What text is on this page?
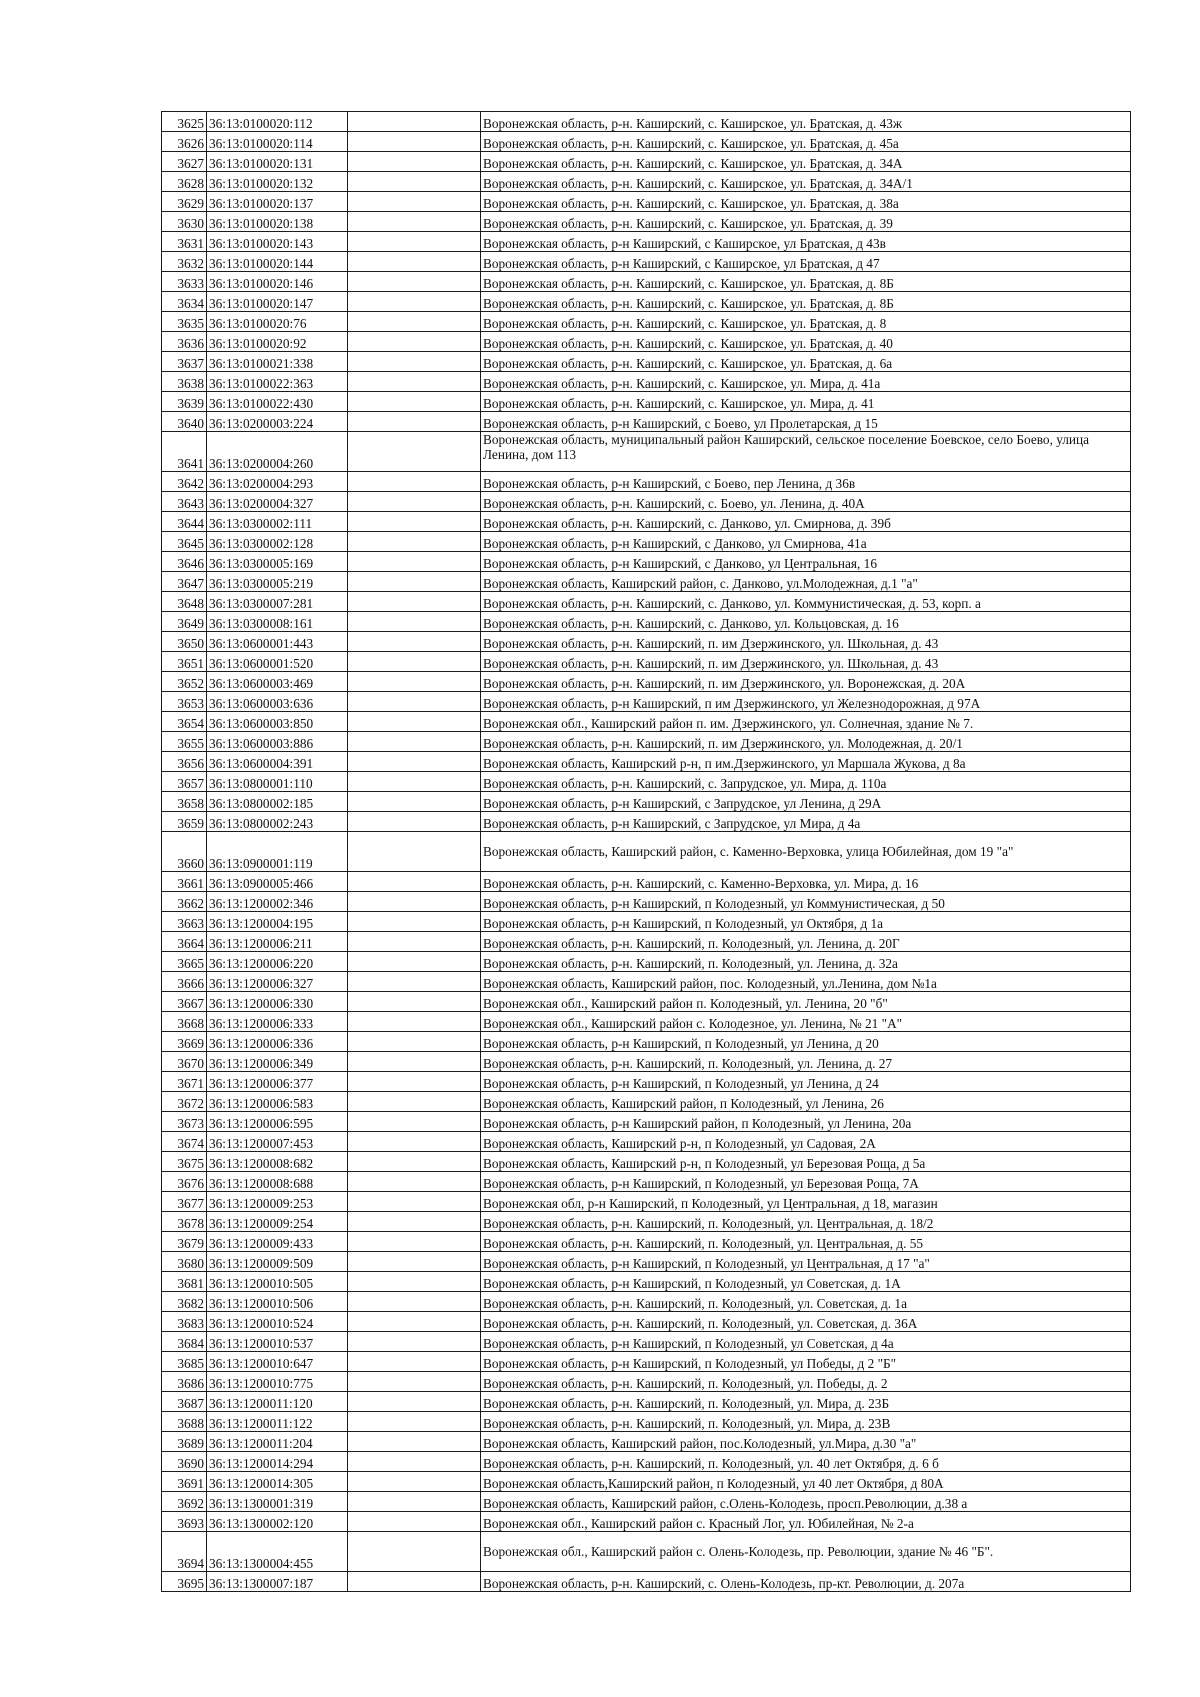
3625	36:13:0100020:112		Воронежская область, р-н. Каширский, с. Каширское, ул. Братская, д. 43ж
3626	36:13:0100020:114		Воронежская область, р-н. Каширский, с. Каширское, ул. Братская, д. 45а
3627	36:13:0100020:131		Воронежская область, р-н. Каширский, с. Каширское, ул. Братская, д. 34А
3628	36:13:0100020:132		Воронежская область, р-н. Каширский, с. Каширское, ул. Братская, д. 34А/1
3629	36:13:0100020:137		Воронежская область, р-н. Каширский, с. Каширское, ул. Братская, д. 38а
3630	36:13:0100020:138		Воронежская область, р-н. Каширский, с. Каширское, ул. Братская, д. 39
3631	36:13:0100020:143		Воронежская область, р-н Каширский, с Каширское, ул Братская, д 43в
3632	36:13:0100020:144		Воронежская область, р-н Каширский, с Каширское, ул Братская, д 47
3633	36:13:0100020:146		Воронежская область, р-н. Каширский, с. Каширское, ул. Братская, д. 8Б
3634	36:13:0100020:147		Воронежская область, р-н. Каширский, с. Каширское, ул. Братская, д. 8Б
3635	36:13:0100020:76		Воронежская область, р-н. Каширский, с. Каширское, ул. Братская, д. 8
3636	36:13:0100020:92		Воронежская область, р-н. Каширский, с. Каширское, ул. Братская, д. 40
3637	36:13:0100021:338		Воронежская область, р-н. Каширский, с. Каширское, ул. Братская, д. 6а
3638	36:13:0100022:363		Воронежская область, р-н. Каширский, с. Каширское, ул. Мира, д. 41а
3639	36:13:0100022:430		Воронежская область, р-н. Каширский, с. Каширское, ул. Мира, д. 41
3640	36:13:0200003:224		Воронежская область, р-н Каширский, с Боево, ул Пролетарская, д 15
3641	36:13:0200004:260		Воронежская область, муниципальный район Каширский, сельское поселение Боевское, село Боево, улица Ленина, дом 113
3642	36:13:0200004:293		Воронежская область, р-н Каширский, с Боево, пер Ленина, д 36в
3643	36:13:0200004:327		Воронежская область, р-н. Каширский, с. Боево, ул. Ленина, д. 40А
3644	36:13:0300002:111		Воронежская область, р-н. Каширский, с. Данково, ул. Смирнова, д. 39б
3645	36:13:0300002:128		Воронежская область, р-н Каширский, с Данково, ул Смирнова, 41а
3646	36:13:0300005:169		Воронежская область, р-н Каширский, с Данково, ул Центральная, 16
3647	36:13:0300005:219		Воронежская область, Каширский район, с. Данково, ул.Молодежная, д.1 "а"
3648	36:13:0300007:281		Воронежская область, р-н. Каширский, с. Данково, ул. Коммунистическая, д. 53, корп. а
3649	36:13:0300008:161		Воронежская область, р-н. Каширский, с. Данково, ул. Кольцовская, д. 16
3650	36:13:0600001:443		Воронежская область, р-н. Каширский, п. им Дзержинского, ул. Школьная, д. 43
3651	36:13:0600001:520		Воронежская область, р-н. Каширский, п. им Дзержинского, ул. Школьная, д. 43
3652	36:13:0600003:469		Воронежская область, р-н. Каширский, п. им Дзержинского, ул. Воронежская, д. 20А
3653	36:13:0600003:636		Воронежская область, р-н Каширский, п им Дзержинского, ул Железнодорожная, д 97А
3654	36:13:0600003:850		Воронежская обл., Каширский район п. им. Дзержинского, ул. Солнечная, здание № 7.
3655	36:13:0600003:886		Воронежская область, р-н. Каширский, п. им Дзержинского, ул. Молодежная, д. 20/1
3656	36:13:0600004:391		Воронежская область, Каширский р-н, п им.Дзержинского, ул Маршала Жукова, д 8а
3657	36:13:0800001:110		Воронежская область, р-н. Каширский, с. Запрудское, ул. Мира, д. 110а
3658	36:13:0800002:185		Воронежская область, р-н Каширский, с Запрудское, ул Ленина, д 29А
3659	36:13:0800002:243		Воронежская область, р-н Каширский, с Запрудское, ул Мира, д 4а
3660	36:13:0900001:119		Воронежская область, Каширский район, с. Каменно-Верховка, улица Юбилейная, дом 19 "а"
3661	36:13:0900005:466		Воронежская область, р-н. Каширский, с. Каменно-Верховка, ул. Мира, д. 16
3662	36:13:1200002:346		Воронежская область, р-н Каширский, п Колодезный, ул Коммунистическая, д 50
3663	36:13:1200004:195		Воронежская область, р-н Каширский, п Колодезный, ул Октября, д 1а
3664	36:13:1200006:211		Воронежская область, р-н. Каширский, п. Колодезный, ул. Ленина, д. 20Г
3665	36:13:1200006:220		Воронежская область, р-н. Каширский, п. Колодезный, ул. Ленина, д. 32а
3666	36:13:1200006:327		Воронежская область, Каширский район, пос. Колодезный, ул.Ленина, дом №1а
3667	36:13:1200006:330		Воронежская обл., Каширский район п. Колодезный, ул. Ленина, 20 "б"
3668	36:13:1200006:333		Воронежская обл., Каширский район с. Колодезное, ул. Ленина, № 21 "А"
3669	36:13:1200006:336		Воронежская область, р-н Каширский, п Колодезный, ул Ленина, д 20
3670	36:13:1200006:349		Воронежская область, р-н. Каширский, п. Колодезный, ул. Ленина, д. 27
3671	36:13:1200006:377		Воронежская область, р-н Каширский, п Колодезный, ул Ленина, д 24
3672	36:13:1200006:583		Воронежская область, Каширский район, п Колодезный, ул Ленина, 26
3673	36:13:1200006:595		Воронежская область, р-н Каширский район, п Колодезный, ул Ленина, 20а
3674	36:13:1200007:453		Воронежская область, Каширский р-н, п Колодезный, ул Садовая, 2А
3675	36:13:1200008:682		Воронежская область, Каширский р-н, п Колодезный, ул Березовая Роща, д 5а
3676	36:13:1200008:688		Воронежская область, р-н Каширский, п Колодезный, ул Березовая Роща, 7А
3677	36:13:1200009:253		Воронежская обл, р-н Каширский, п Колодезный, ул Центральная, д 18, магазин
3678	36:13:1200009:254		Воронежская область, р-н. Каширский, п. Колодезный, ул. Центральная, д. 18/2
3679	36:13:1200009:433		Воронежская область, р-н. Каширский, п. Колодезный, ул. Центральная, д. 55
3680	36:13:1200009:509		Воронежская область, р-н Каширский, п Колодезный, ул Центральная, д 17 "а"
3681	36:13:1200010:505		Воронежская область, р-н Каширский, п Колодезный, ул Советская, д. 1А
3682	36:13:1200010:506		Воронежская область, р-н. Каширский, п. Колодезный, ул. Советская, д. 1а
3683	36:13:1200010:524		Воронежская область, р-н. Каширский, п. Колодезный, ул. Советская, д. 36А
3684	36:13:1200010:537		Воронежская область, р-н Каширский, п Колодезный, ул Советская, д 4а
3685	36:13:1200010:647		Воронежская область, р-н Каширский, п Колодезный, ул Победы, д 2 "Б"
3686	36:13:1200010:775		Воронежская область, р-н. Каширский, п. Колодезный, ул. Победы, д. 2
3687	36:13:1200011:120		Воронежская область, р-н. Каширский, п. Колодезный, ул. Мира, д. 23Б
3688	36:13:1200011:122		Воронежская область, р-н. Каширский, п. Колодезный, ул. Мира, д. 23В
3689	36:13:1200011:204		Воронежская область, Каширский район, пос.Колодезный, ул.Мира, д.30 "а"
3690	36:13:1200014:294		Воронежская область, р-н. Каширский, п. Колодезный, ул. 40 лет Октября, д. 6 б
3691	36:13:1200014:305		Воронежская область,Каширский район, п Колодезный, ул 40 лет Октября, д 80А
3692	36:13:1300001:319		Воронежская область, Каширский район, с.Олень-Колодезь, просп.Революции, д.38 а
3693	36:13:1300002:120		Воронежская обл., Каширский район с. Красный Лог, ул. Юбилейная, № 2-а
3694	36:13:1300004:455		Воронежская обл., Каширский район с. Олень-Колодезь, пр. Революции, здание № 46 "Б".
3695	36:13:1300007:187		Воронежская область, р-н. Каширский, с. Олень-Колодезь, пр-кт. Революции, д. 207а
